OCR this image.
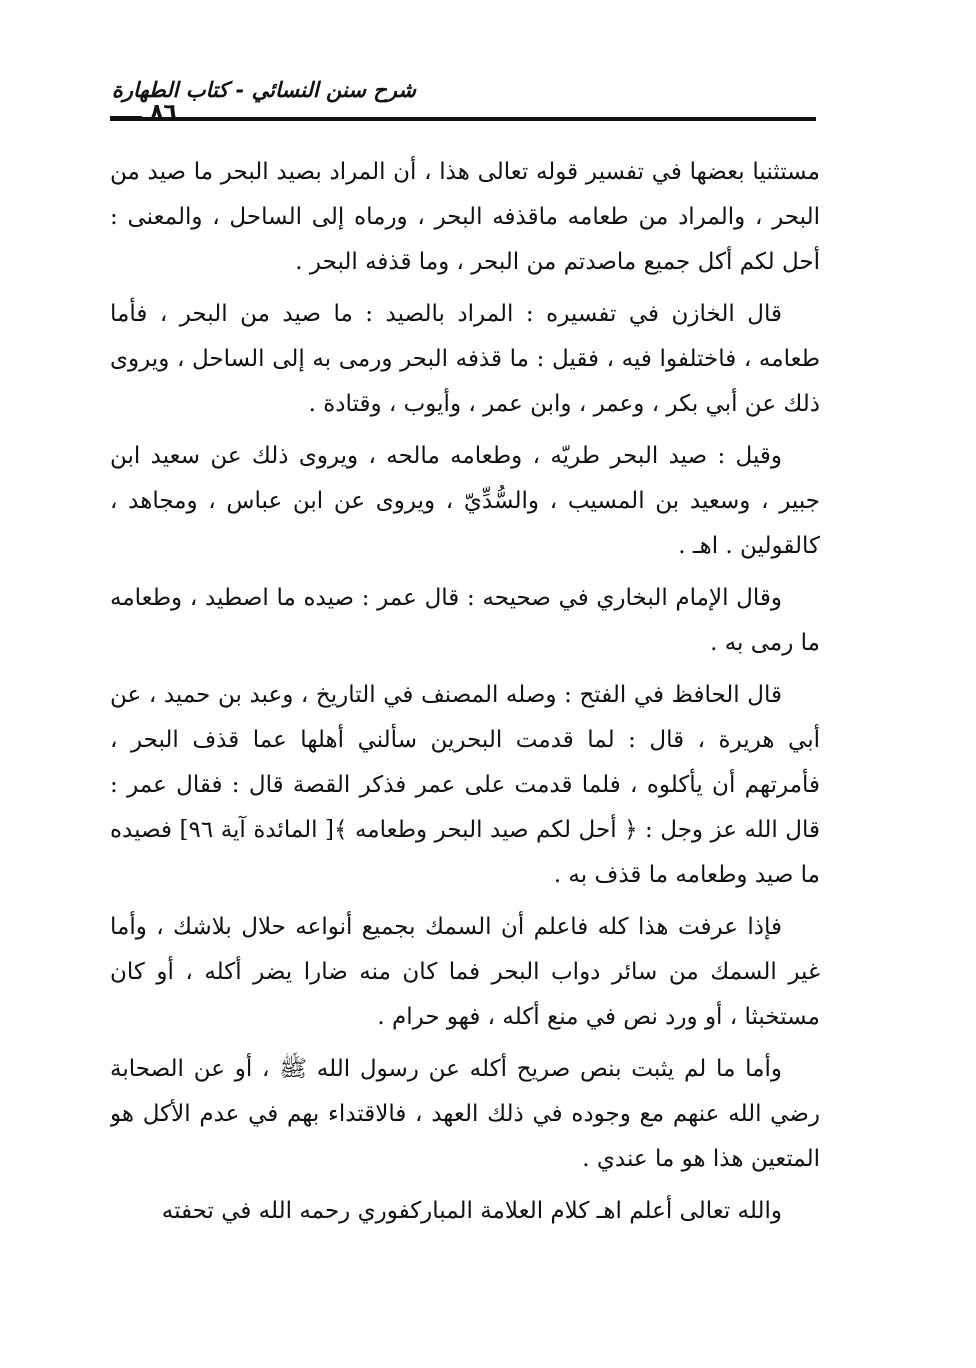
شرح سنن النسائي - كتاب الطهارة
٨٦

مستثنيا بعضها في تفسير قوله تعالى هذا ، أن المراد بصيد البحر ما صيد من البحر ، والمراد من طعامه ماقذفه البحر ، ورماه إلى الساحل ، والمعنى : أحل لكم أكل جميع ماصدتم من البحر ، وما قذفه البحر .

قال الخازن في تفسيره : المراد بالصيد : ما صيد من البحر ، فأما طعامه ، فاختلفوا فيه ، فقيل : ما قذفه البحر ورمى به إلى الساحل ، ويروى ذلك عن أبي بكر ، وعمر ، وابن عمر ، وأيوب ، وقتادة .

وقيل : صيد البحر طريّه ، وطعامه مالحه ، ويروى ذلك عن سعيد ابن جبير ، وسعيد بن المسيب ، والسُّدِّيّ ، ويروى عن ابن عباس ، ومجاهد ، كالقولين . اهـ .

وقال الإمام البخاري في صحيحه : قال عمر : صيده ما اصطيد ، وطعامه ما رمى به .

قال الحافظ في الفتح : وصله المصنف في التاريخ ، وعبد بن حميد ، عن أبي هريرة ، قال : لما قدمت البحرين سألني أهلها عما قذف البحر ، فأمرتهم أن يأكلوه ، فلما قدمت على عمر فذكر القصة قال : فقال عمر : قال الله عز وجل : ﴿ أحل لكم صيد البحر وطعامه ﴾[ المائدة آية ٩٦] فصيده ما صيد وطعامه ما قذف به .

فإذا عرفت هذا كله فاعلم أن السمك بجميع أنواعه حلال بلاشك ، وأما غير السمك من سائر دواب البحر فما كان منه ضارا يضر أكله ، أو كان مستخبثا ، أو ورد نص في منع أكله ، فهو حرام .

وأما ما لم يثبت بنص صريح أكله عن رسول الله ﷺ ، أو عن الصحابة رضي الله عنهم مع وجوده في ذلك العهد ، فالاقتداء بهم في عدم الأكل هو المتعين هذا هو ما عندي .

والله تعالى أعلم اهـ كلام العلامة المباركفوري رحمه الله في تحفته
